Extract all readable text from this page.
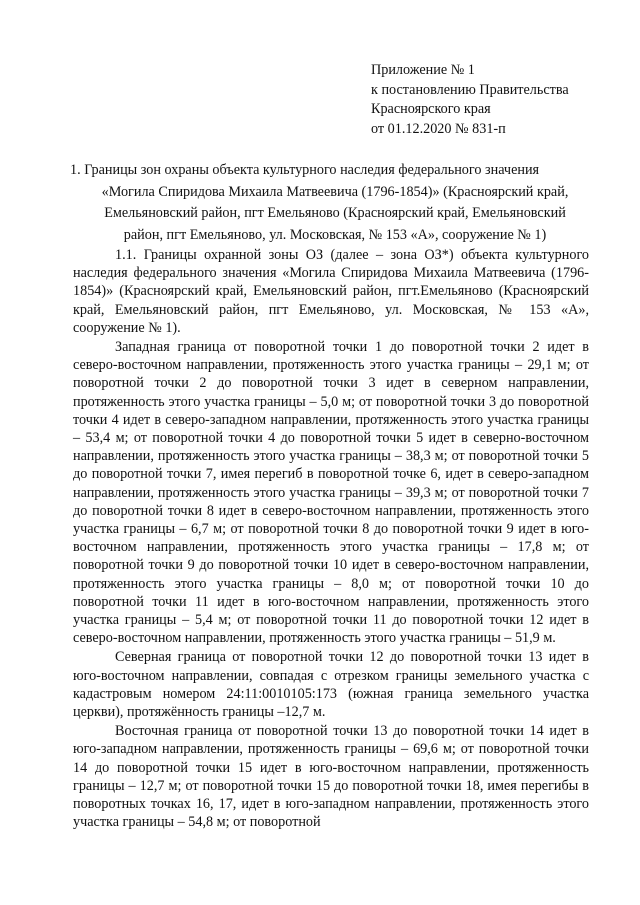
Приложение № 1
к постановлению Правительства
Красноярского края
от 01.12.2020 № 831-п
1. Границы зон охраны объекта культурного наследия федерального значения
«Могила Спиридова Михаила Матвеевича (1796-1854)» (Красноярский край,
Емельяновский район, пгт Емельяново (Красноярский край, Емельяновский
район, пгт Емельяново, ул. Московская, № 153 «А», сооружение № 1)

1.1. Границы охранной зоны ОЗ (далее – зона ОЗ*) объекта культурного наследия федерального значения «Могила Спиридова Михаила Матвеевича (1796-1854)» (Красноярский край, Емельяновский район, пгт.Емельяново (Красноярский край, Емельяновский район, пгт Емельяново, ул. Московская, № 153 «А», сооружение № 1).

Западная граница от поворотной точки 1 до поворотной точки 2 идет в северо-восточном направлении, протяженность этого участка границы – 29,1 м; от поворотной точки 2 до поворотной точки 3 идет в северном направлении, протяженность этого участка границы – 5,0 м; от поворотной точки 3 до поворотной точки 4 идет в северо-западном направлении, протяженность этого участка границы – 53,4 м; от поворотной точки 4 до поворотной точки 5 идет в северно-восточном направлении, протяженность этого участка границы – 38,3 м; от поворотной точки 5 до поворотной точки 7, имея перегиб в поворотной точке 6, идет в северо-западном направлении, протяженность этого участка границы – 39,3 м; от поворотной точки 7 до поворотной точки 8 идет в северо-восточном направлении, протяженность этого участка границы – 6,7 м; от поворотной точки 8 до поворотной точки 9 идет в юго-восточном направлении, протяженность этого участка границы – 17,8 м; от поворотной точки 9 до поворотной точки 10 идет в северо-восточном направлении, протяженность этого участка границы – 8,0 м; от поворотной точки 10 до поворотной точки 11 идет в юго-восточном направлении, протяженность этого участка границы – 5,4 м; от поворотной точки 11 до поворотной точки 12 идет в северо-восточном направлении, протяженность этого участка границы – 51,9 м.

Северная граница от поворотной точки 12 до поворотной точки 13 идет в юго-восточном направлении, совпадая с отрезком границы земельного участка с кадастровым номером 24:11:0010105:173 (южная граница земельного участка церкви), протяжённость границы –12,7 м.

Восточная граница от поворотной точки 13 до поворотной точки 14 идет в юго-западном направлении, протяженность границы – 69,6 м; от поворотной точки 14 до поворотной точки 15 идет в юго-восточном направлении, протяженность границы – 12,7 м; от поворотной точки 15 до поворотной точки 18, имея перегибы в поворотных точках 16, 17, идет в юго-западном направлении, протяженность этого участка границы – 54,8 м; от поворотной
